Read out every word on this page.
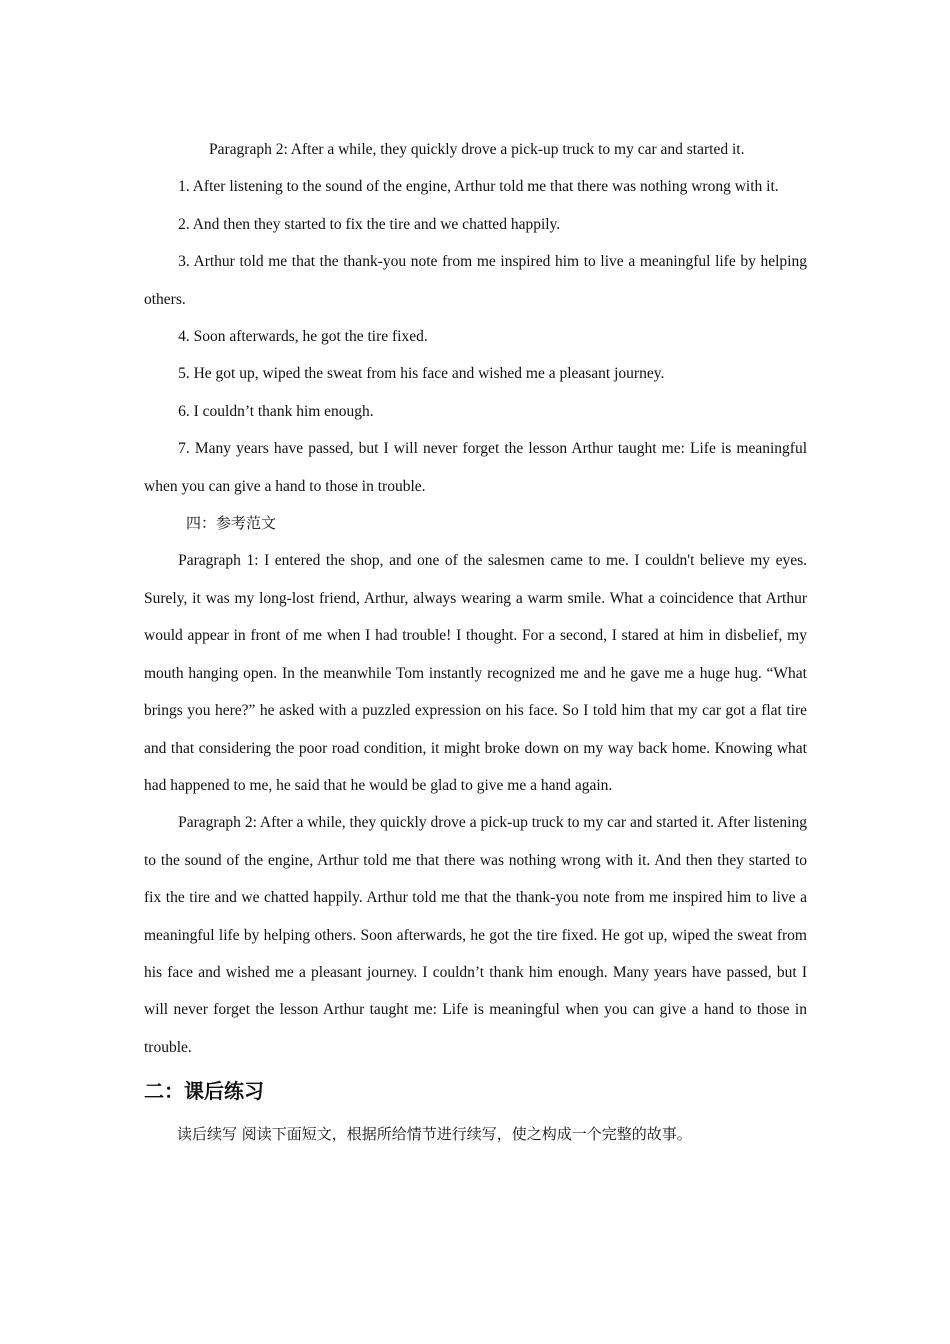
Paragraph 2: After a while, they quickly drove a pick-up truck to my car and started it.

1. After listening to the sound of the engine, Arthur told me that there was nothing wrong with it.

2. And then they started to fix the tire and we chatted happily.

3. Arthur told me that the thank-you note from me inspired him to live a meaningful life by helping others.

4. Soon afterwards, he got the tire fixed.

5. He got up, wiped the sweat from his face and wished me a pleasant journey.

6. I couldn’t thank him enough.

7. Many years have passed, but I will never forget the lesson Arthur taught me: Life is meaningful when you can give a hand to those in trouble.

四：参考范文

Paragraph 1: I entered the shop, and one of the salesmen came to me. I couldn't believe my eyes. Surely, it was my long-lost friend, Arthur, always wearing a warm smile. What a coincidence that Arthur would appear in front of me when I had trouble! I thought. For a second, I stared at him in disbelief, my mouth hanging open. In the meanwhile Tom instantly recognized me and he gave me a huge hug. “What brings you here?” he asked with a puzzled expression on his face. So I told him that my car got a flat tire and that considering the poor road condition, it might broke down on my way back home. Knowing what had happened to me, he said that he would be glad to give me a hand again.

Paragraph 2: After a while, they quickly drove a pick-up truck to my car and started it. After listening to the sound of the engine, Arthur told me that there was nothing wrong with it. And then they started to fix the tire and we chatted happily. Arthur told me that the thank-you note from me inspired him to live a meaningful life by helping others. Soon afterwards, he got the tire fixed. He got up, wiped the sweat from his face and wished me a pleasant journey. I couldn’t thank him enough. Many years have passed, but I will never forget the lesson Arthur taught me: Life is meaningful when you can give a hand to those in trouble.

二：课后练习

读后续写 阅读下面短文，根据所给情节进行续写，使之构成一个完整的故事。
